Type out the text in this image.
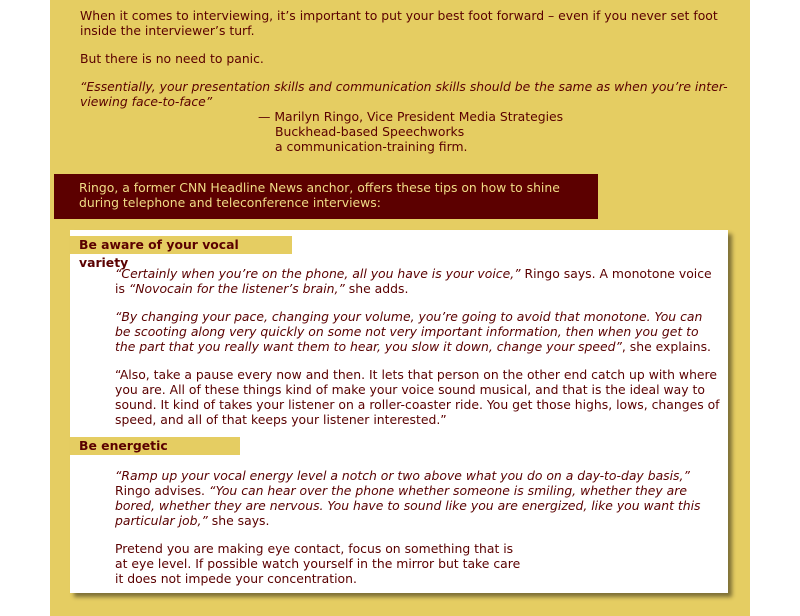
When it comes to interviewing, it’s important to put your best foot forward – even if you never set foot inside the interviewer’s turf.

But there is no need to panic.

“Essentially, your presentation skills and communication skills should be the same as when you’re inter-viewing face-to-face”

— Marilyn Ringo, Vice President Media Strategies
Buckhead-based Speechworks
a communication-training firm.
Ringo, a former CNN Headline News anchor, offers these tips on how to shine during telephone and teleconference interviews:
Be aware of your vocal variety

“Certainly when you’re on the phone, all you have is your voice,” Ringo says. A monotone voice is “Novocain for the listener’s brain,” she adds.

“By changing your pace, changing your volume, you’re going to avoid that monotone. You can be scooting along very quickly on some not very important information, then when you get to the part that you really want them to hear, you slow it down, change your speed”, she explains.

“Also, take a pause every now and then. It lets that person on the other end catch up with where you are. All of these things kind of make your voice sound musical, and that is the ideal way to sound. It kind of takes your listener on a roller-coaster ride. You get those highs, lows, changes of speed, and all of that keeps your listener interested.”

Be energetic

“Ramp up your vocal energy level a notch or two above what you do on a day-to-day basis,” Ringo advises. “You can hear over the phone whether someone is smiling, whether they are bored, whether they are nervous. You have to sound like you are energized, like you want this particular job,” she says.

Pretend you are making eye contact, focus on something that is
at eye level. If possible watch yourself in the mirror but take care
it does not impede your concentration.
